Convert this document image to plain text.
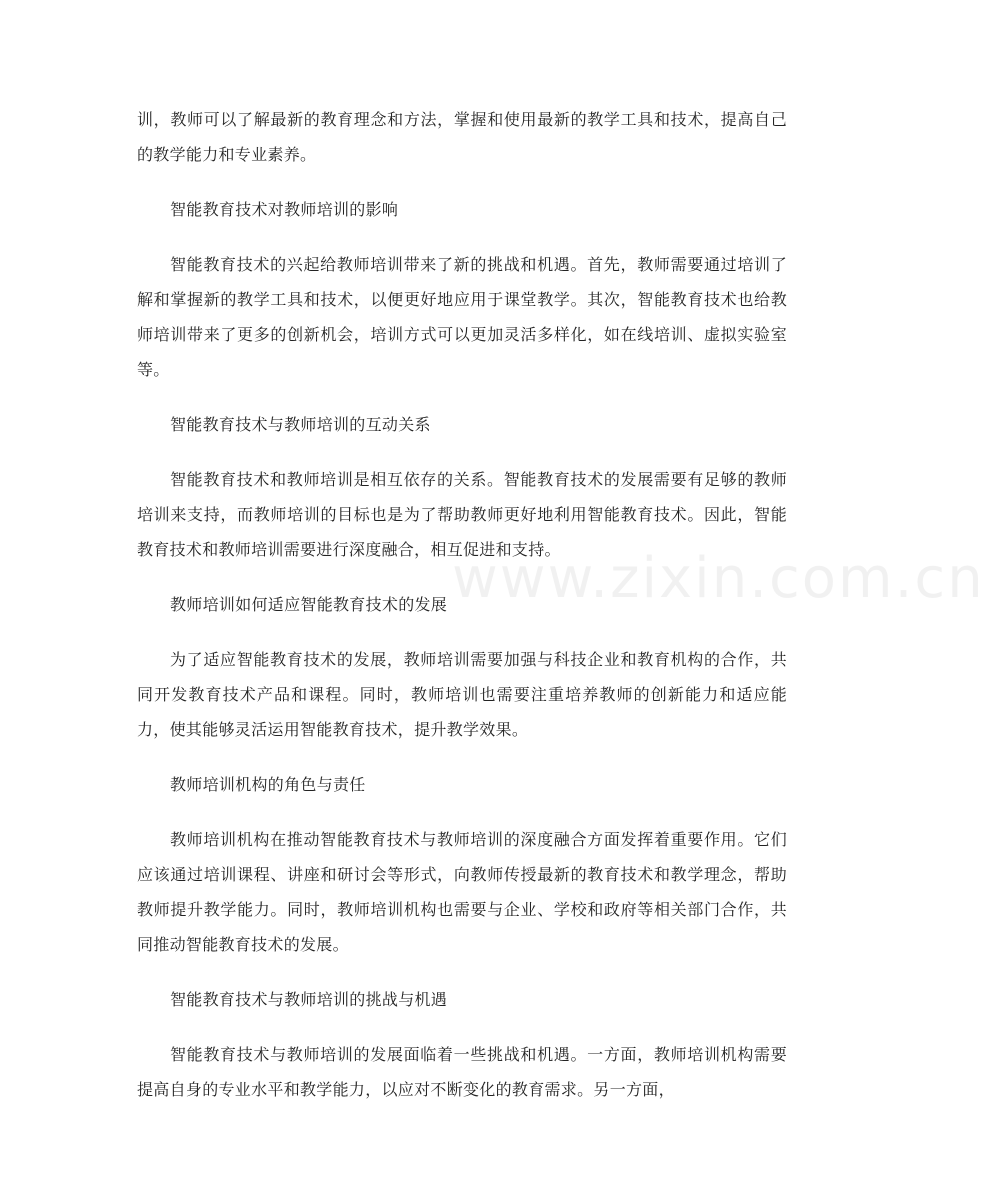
训，教师可以了解最新的教育理念和方法，掌握和使用最新的教学工具和技术，提高自己的教学能力和专业素养。

智能教育技术对教师培训的影响

智能教育技术的兴起给教师培训带来了新的挑战和机遇。首先，教师需要通过培训了解和掌握新的教学工具和技术，以便更好地应用于课堂教学。其次，智能教育技术也给教师培训带来了更多的创新机会，培训方式可以更加灵活多样化，如在线培训、虚拟实验室等。

智能教育技术与教师培训的互动关系

智能教育技术和教师培训是相互依存的关系。智能教育技术的发展需要有足够的教师培训来支持，而教师培训的目标也是为了帮助教师更好地利用智能教育技术。因此，智能教育技术和教师培训需要进行深度融合，相互促进和支持。

教师培训如何适应智能教育技术的发展

为了适应智能教育技术的发展，教师培训需要加强与科技企业和教育机构的合作，共同开发教育技术产品和课程。同时，教师培训也需要注重培养教师的创新能力和适应能力，使其能够灵活运用智能教育技术，提升教学效果。

教师培训机构的角色与责任

教师培训机构在推动智能教育技术与教师培训的深度融合方面发挥着重要作用。它们应该通过培训课程、讲座和研讨会等形式，向教师传授最新的教育技术和教学理念，帮助教师提升教学能力。同时，教师培训机构也需要与企业、学校和政府等相关部门合作，共同推动智能教育技术的发展。

智能教育技术与教师培训的挑战与机遇

智能教育技术与教师培训的发展面临着一些挑战和机遇。一方面，教师培训机构需要提高自身的专业水平和教学能力，以应对不断变化的教育需求。另一方面，

www.zixin.com.cn
